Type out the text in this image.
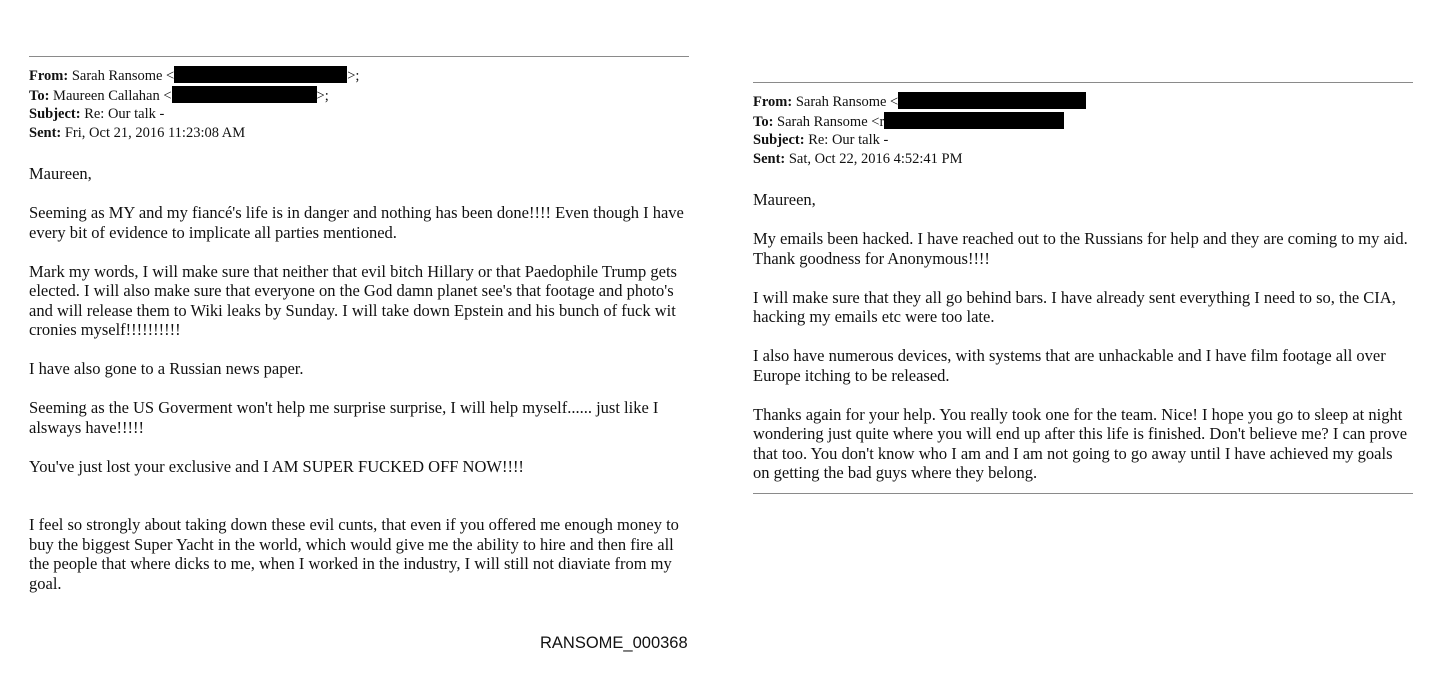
From: Sarah Ransome <	>;
To: Maureen Callahan <	>;
Subject: Re: Our talk -
Sent: Fri, Oct 21, 2016 11:23:08 AM

Maureen,

Seeming as MY and my fiancé's life is in danger and nothing has been done!!!! Even though I have every bit of evidence to implicate all parties mentioned.

Mark my words, I will make sure that neither that evil bitch Hillary or that Paedophile Trump gets elected. I will also make sure that everyone on the God damn planet see's that footage and photo's and will release them to Wiki leaks by Sunday. I will take down Epstein and his bunch of fuck wit cronies myself!!!!!!!!!!

I have also gone to a Russian news paper.

Seeming as the US Goverment won't help me surprise surprise, I will help myself...... just like I alsways have!!!!!

You've just lost your exclusive and I AM SUPER FUCKED OFF NOW!!!!

I feel so strongly about taking down these evil cunts, that even if you offered me enough money to buy the biggest Super Yacht in the world, which would give me the ability to hire and then fire all the people that where dicks to me, when I worked in the industry, I will still not diaviate from my goal.

From: Sarah Ransome <
To: Sarah Ransome <r
Subject: Re: Our talk -
Sent: Sat, Oct 22, 2016 4:52:41 PM

Maureen,

My emails been hacked. I have reached out to the Russians for help and they are coming to my aid. Thank goodness for Anonymous!!!!

I will make sure that they all go behind bars. I have already sent everything I need to so, the CIA, hacking my emails etc were too late.

I also have numerous devices, with systems that are unhackable and I have film footage all over Europe itching to be released.

Thanks again for your help. You really took one for the team. Nice! I hope you go to sleep at night wondering just quite where you will end up after this life is finished. Don't believe me? I can prove that too. You don't know who I am and I am not going to go away until I have achieved my goals on getting the bad guys where they belong.

RANSOME_000368
